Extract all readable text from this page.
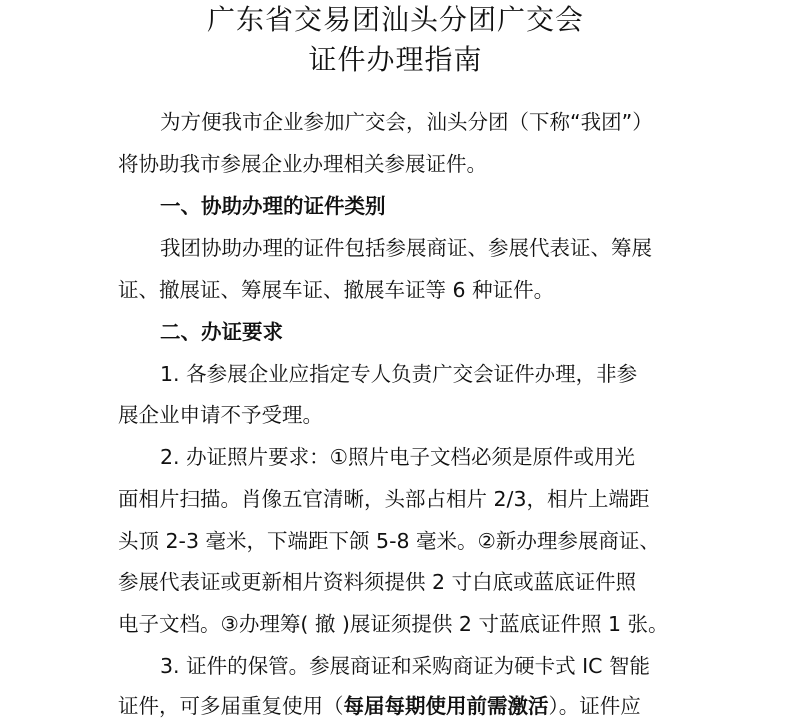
广东省交易团汕头分团广交会
证件办理指南
为方便我市企业参加广交会，汕头分团（下称“我团”）
将协助我市参展企业办理相关参展证件。
一、协助办理的证件类别
我团协助办理的证件包括参展商证、参展代表证、筹展
证、撤展证、筹展车证、撤展车证等 6 种证件。
二、办证要求
1. 各参展企业应指定专人负责广交会证件办理，非参
展企业申请不予受理。
2. 办证照片要求：①照片电子文档必须是原件或用光
面相片扫描。肖像五官清晰，头部占相片 2/3，相片上端距
头顶 2-3 毫米，下端距下颌 5-8 毫米。②新办理参展商证、
参展代表证或更新相片资料须提供 2 寸白底或蓝底证件照
电子文档。③办理筹( 撤 )展证须提供 2 寸蓝底证件照 1 张。
3. 证件的保管。参展商证和采购商证为硬卡式 IC 智能
证件，可多届重复使用（每届每期使用前需激活）。证件应
